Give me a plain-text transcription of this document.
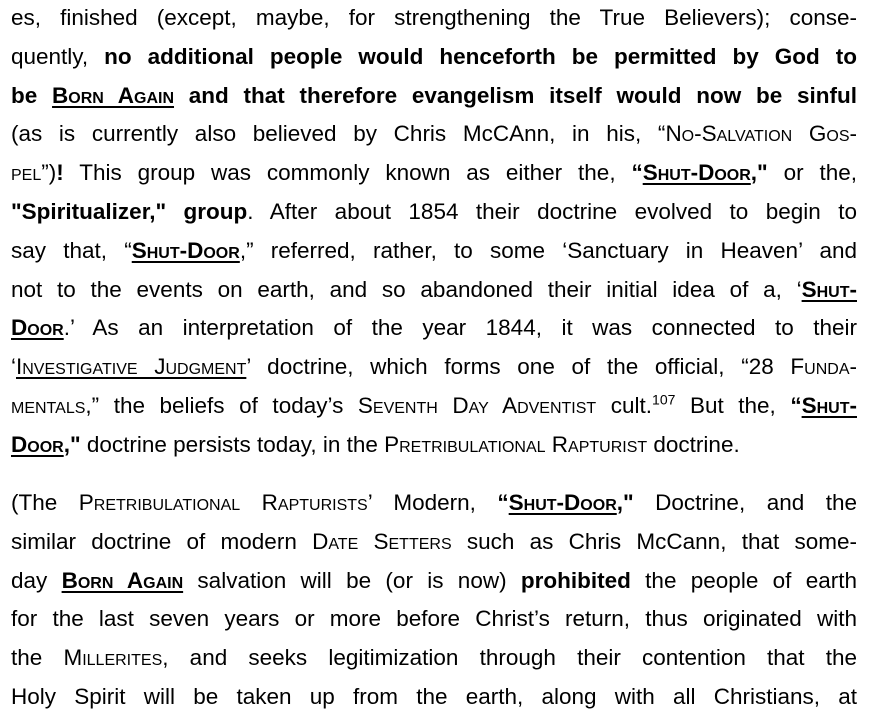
es, finished (except, maybe, for strengthening the True Believers); conse-
quently, no additional people would henceforth be permitted by God to
be Born Again and that therefore evangelism itself would now be sinful
(as is currently also believed by Chris McCAnn, in his, “No-Salvation Gos-
pel”)! This group was commonly known as either the, “Shut-Door," or the,
"Spiritualizer," group. After about 1854 their doctrine evolved to begin to
say that, “Shut-Door,” referred, rather, to some ‘Sanctuary in Heaven’ and
not to the events on earth, and so abandoned their initial idea of a, ‘Shut-
Door.’ As an interpretation of the year 1844, it was connected to their
‘Investigative Judgment’ doctrine, which forms one of the official, “28 Funda-
mentals,” the beliefs of today’s Seventh Day Adventist cult.$^{107}$ But the, “Shut-
Door," doctrine persists today, in the Pretribulational Rapturist doctrine.
(The Pretribulational Rapturists’ Modern, “Shut-Door," Doctrine, and the
similar doctrine of modern Date Setters such as Chris McCann, that some-
day Born Again salvation will be (or is now) prohibited the people of earth
for the last seven years or more before Christ’s return, thus originated with
the Millerites, and seeks legitimization through their contention that the
Holy Spirit will be taken up from the earth, along with all Christians, at
